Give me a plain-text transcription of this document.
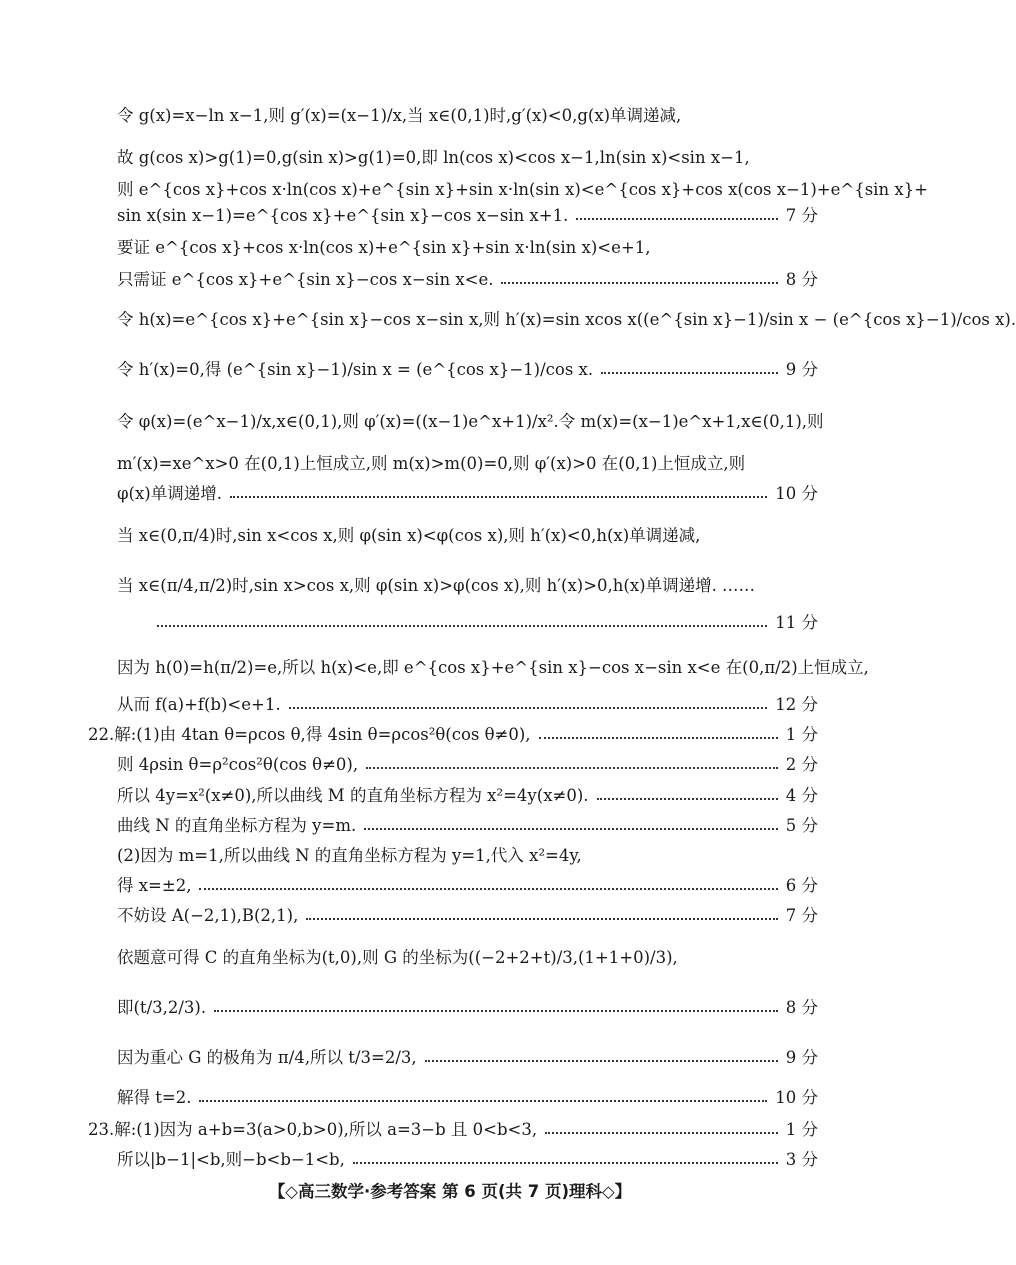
令 g(x)=x−ln x−1,则 g′(x)=(x−1)/x,当 x∈(0,1)时,g′(x)<0,g(x)单调递减,
故 g(cos x)>g(1)=0,g(sin x)>g(1)=0,即 ln(cos x)<cos x−1,ln(sin x)<sin x−1,
则 e^{cos x}+cos x·ln(cos x)+e^{sin x}+sin x·ln(sin x)<e^{cos x}+cos x(cos x−1)+e^{sin x}+
sin x(sin x−1)=e^{cos x}+e^{sin x}−cos x−sin x+1.	7 分
要证 e^{cos x}+cos x·ln(cos x)+e^{sin x}+sin x·ln(sin x)<e+1,
只需证 e^{cos x}+e^{sin x}−cos x−sin x<e.	8 分
令 h(x)=e^{cos x}+e^{sin x}−cos x−sin x,则 h′(x)=sin xcos x((e^{sin x}−1)/sin x − (e^{cos x}−1)/cos x).
令 h′(x)=0,得 (e^{sin x}−1)/sin x = (e^{cos x}−1)/cos x.	9 分
令 φ(x)=(e^x−1)/x,x∈(0,1),则 φ′(x)=((x−1)e^x+1)/x².令 m(x)=(x−1)e^x+1,x∈(0,1),则
m′(x)=xe^x>0 在(0,1)上恒成立,则 m(x)>m(0)=0,则 φ′(x)>0 在(0,1)上恒成立,则
φ(x)单调递增.	10 分
当 x∈(0,π/4)时,sin x<cos x,则 φ(sin x)<φ(cos x),则 h′(x)<0,h(x)单调递减,
当 x∈(π/4,π/2)时,sin x>cos x,则 φ(sin x)>φ(cos x),则 h′(x)>0,h(x)单调递增. ……
11 分
因为 h(0)=h(π/2)=e,所以 h(x)<e,即 e^{cos x}+e^{sin x}−cos x−sin x<e 在(0,π/2)上恒成立,
从而 f(a)+f(b)<e+1.	12 分
22.解:(1)由 4tan θ=ρcos θ,得 4sin θ=ρcos²θ(cos θ≠0),	1 分
则 4ρsin θ=ρ²cos²θ(cos θ≠0),	2 分
所以 4y=x²(x≠0),所以曲线 M 的直角坐标方程为 x²=4y(x≠0).	4 分
曲线 N 的直角坐标方程为 y=m.	5 分
(2)因为 m=1,所以曲线 N 的直角坐标方程为 y=1,代入 x²=4y,
得 x=±2,	6 分
不妨设 A(−2,1),B(2,1),	7 分
依题意可得 C 的直角坐标为(t,0),则 G 的坐标为((−2+2+t)/3,(1+1+0)/3),
即(t/3,2/3).	8 分
因为重心 G 的极角为 π/4,所以 t/3=2/3,	9 分
解得 t=2.	10 分
23.解:(1)因为 a+b=3(a>0,b>0),所以 a=3−b 且 0<b<3,	1 分
所以|b−1|<b,则−b<b−1<b,	3 分
【◇高三数学·参考答案 第 6 页(共 7 页)理科◇】
